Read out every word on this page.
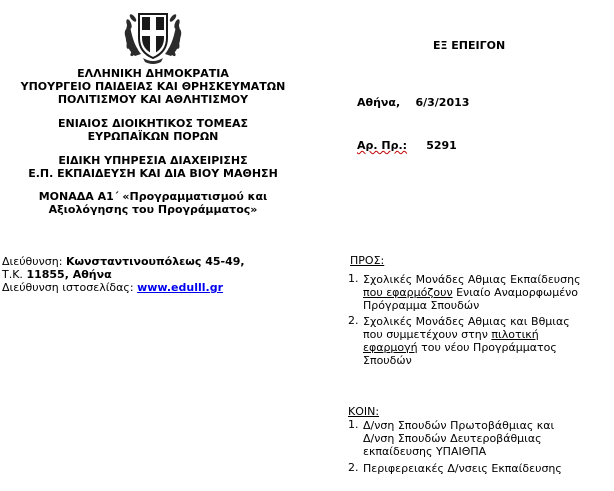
ΕΛΛΗΝΙΚΗ ΔΗΜΟΚΡΑΤΙΑ
ΥΠΟΥΡΓΕΙΟ ΠΑΙΔΕΙΑΣ ΚΑΙ ΘΡΗΣΚΕΥΜΑΤΩΝ
ΠΟΛΙΤΙΣΜΟΥ ΚΑΙ ΑΘΛΗΤΙΣΜΟΥ
ΕΝΙΑΙΟΣ ΔΙΟΙΚΗΤΙΚΟΣ ΤΟΜΕΑΣ
ΕΥΡΩΠΑΪΚΩΝ ΠΟΡΩΝ
ΕΙΔΙΚΗ ΥΠΗΡΕΣΙΑ ΔΙΑΧΕΙΡΙΣΗΣ
Ε.Π. ΕΚΠΑΙΔΕΥΣΗ ΚΑΙ ΔΙΑ ΒΙΟΥ ΜΑΘΗΣΗ
ΜΟΝΑΔΑ Α1΄ «Προγραμματισμού και
Αξιολόγησης του Προγράμματος»
Διεύθυνση: Κωνσταντινουπόλεως 45-49,
Τ.Κ. 11855, Αθήνα
Διεύθυνση ιστοσελίδας: www.edulll.gr
ΕΞ ΕΠΕΙΓΟΝ
Αθήνα, 6/3/2013
Αρ. Πρ.: 5291
ΠΡΟΣ:
1. Σχολικές Μονάδες Αθμιας Εκπαίδευσης
που εφαρμόζουν Ενιαίο Αναμορφωμένο
Πρόγραμμα Σπουδών
2. Σχολικές Μονάδες Αθμιας και Βθμιας
που συμμετέχουν στην πιλοτική
εφαρμογή του νέου Προγράμματος
Σπουδών
ΚΟΙΝ:
1. Δ/νση Σπουδών Πρωτοβάθμιας και
Δ/νση Σπουδών Δευτεροβάθμιας
εκπαίδευσης ΥΠΑΙΘΠΑ
2. Περιφερειακές Δ/νσεις Εκπαίδευσης
